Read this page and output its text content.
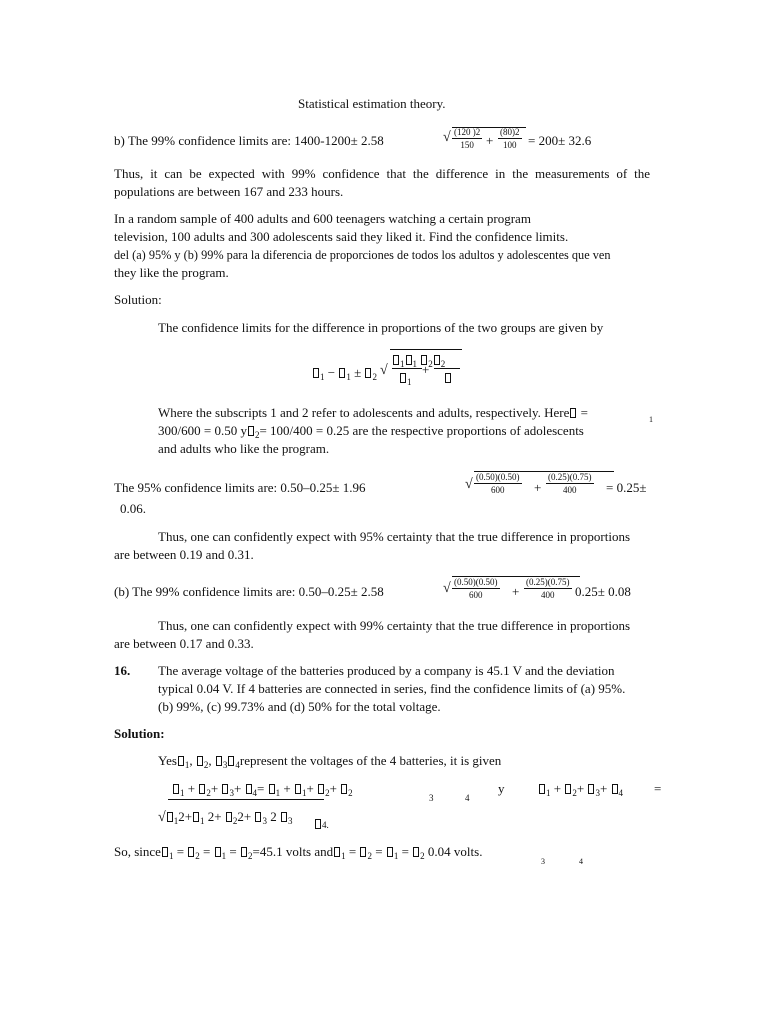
Statistical estimation theory.
b) The 99% confidence limits are: 1400-1200± 2.58	√ $\frac{(120 )2}{150} + \frac{(80)2}{100} = 200\pm 32.6$
Thus, it can be expected with 99% confidence that the difference in the measurements of the populations are between 167 and 233 hours.
In a random sample of 400 adults and 600 teenagers watching a certain program
television, 100 adults and 300 adolescents said they liked it. Find the confidence limits.
del (a) 95% y (b) 99% para la diferencia de proporciones de todos los adultos y adolescentes que ven
they like the program.
Solution:
The confidence limits for the difference in proportions of the two groups are given by
$_1$ − $_1$ ± $_2$ √	$_1$ $_1$ $_2$ $_2$
+
$_1$
Where the subscripts 1 and 2 refer to adolescents and adults, respectively. Here =	1
300/600 = 0.50 y $_2$= 100/400 = 0.25 are the respective proportions of adolescents
and adults who like the program.
The 95% confidence limits are: 0.50–0.25± 1.96	√ $\frac{(0.50)(0.50)}{600} + \frac{(0.25)(0.75)}{400} = 0.25\pm$
0.06.
Thus, one can confidently expect with 95% certainty that the true difference in proportions are between 0.19 and 0.31.
(b) The 99% confidence limits are: 0.50–0.25± 2.58	√ $\frac{(0.50)(0.50)}{600} + \frac{(0.25)(0.75)}{400} 0.25\pm 0.08$
Thus, one can confidently expect with 99% certainty that the true difference in proportions are between 0.17 and 0.33.
16. The average voltage of the batteries produced by a company is 45.1 V and the deviation
typical 0.04 V. If 4 batteries are connected in series, find the confidence limits of (a) 95%.
(b) 99%, (c) 99.73% and (d) 50% for the total voltage.
Solution:
Yes $_1$, $_2$, $_3$ $_4$represent the voltages of the 4 batteries, it is given
$_1$ + $_2$+ $_3$+ $_4$= $_1$ + $_1$+ $_2$+ $_2$	3	4
y	$_1$ + $_2$+ $_3$+ $_4$ =
√ $_1$2+ $_1$ 2+ $_2$2+ $_3$ 2 $_3$	4.
So, since $_1$ = $_2$ = $_1$ = $_2$=45.1 volts and $_1$ = $_2$ = $_1$ = $_2$ 0.04 volts.
3	4
